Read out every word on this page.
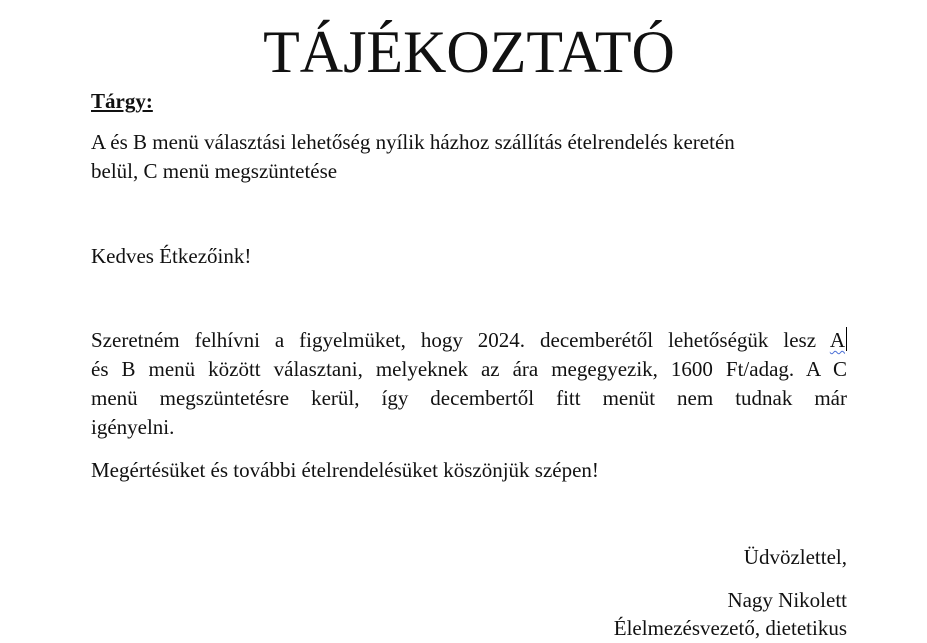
TÁJÉKOZTATÓ
Tárgy:
A és B menü választási lehetőség nyílik házhoz szállítás ételrendelés keretén
belül, C menü megszüntetése
Kedves Étkezőink!
Szeretném felhívni a figyelmüket, hogy 2024. decemberétől lehetőségük lesz A
és B menü között választani, melyeknek az ára megegyezik, 1600 Ft/adag. A C
menü megszüntetésre kerül, így decembertől fitt menüt nem tudnak már
igényelni.
Megértésüket és további ételrendelésüket köszönjük szépen!
Üdvözlettel,
Nagy Nikolett
Élelmezésvezető, dietetikus
